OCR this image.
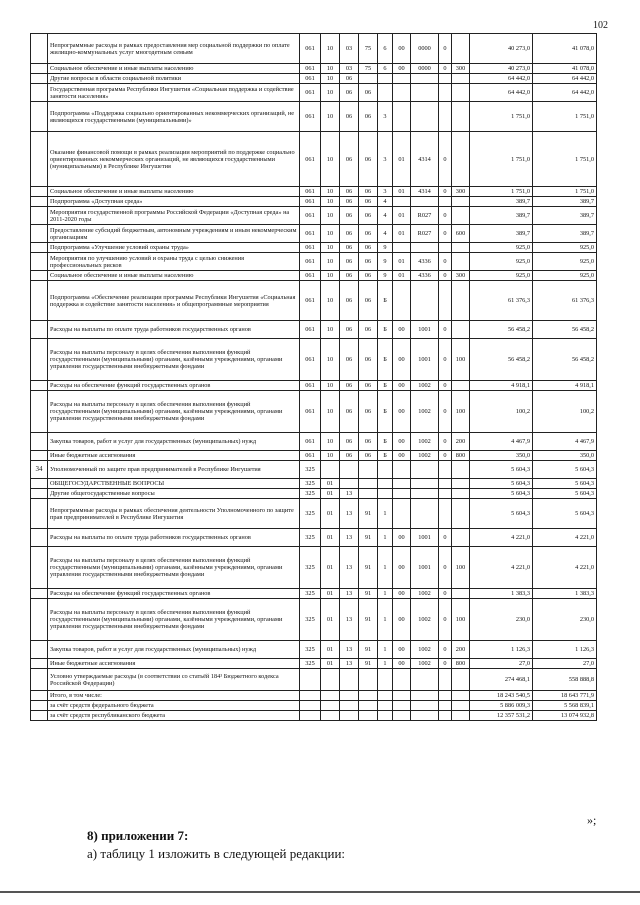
102
	Непрограммные расходы в рамках предоставления мер социальной поддержки по оплате жилищно-коммунальных услуг многодетным семьям	061	10	03	75	6	00	0000	0		40 273,0	41 078,0
	Социальное обеспечение и иные выплаты населению	061	10	03	75	6	00	0000	0	300	40 273,0	41 078,0
	Другие вопросы в области социальной политики	061	10	06							64 442,0	64 442,0
	Государственная программа Республики Ингушетия «Социальная поддержка и содействие занятости населения»	061	10	06	06						64 442,0	64 442,0
	Подпрограмма «Поддержка социально ориентированных некоммерческих организаций, не являющихся государственными (муниципальными)»	061	10	06	06	3					1 751,0	1 751,0
	Оказание финансовой помощи в рамках реализации мероприятий по поддержке социально ориентированных некоммерческих организаций, не являющихся государственными (муниципальными) в Республике Ингушетия	061	10	06	06	3	01	4314	0		1 751,0	1 751,0
	Социальное обеспечение и иные выплаты населению	061	10	06	06	3	01	4314	0	300	1 751,0	1 751,0
	Подпрограмма «Доступная среда»	061	10	06	06	4					389,7	389,7
	Мероприятия государственной программы Российской Федерации «Доступная среда» на 2011-2020 годы	061	10	06	06	4	01	R027	0		389,7	389,7
	Предоставление субсидий бюджетным, автономным учреждениям и иным некоммерческим организациям	061	10	06	06	4	01	R027	0	600	389,7	389,7
	Подпрограмма «Улучшение условий охраны труда»	061	10	06	06	9					925,0	925,0
	Мероприятия по улучшению условий и охраны труда с целью снижения профессиональных рисков	061	10	06	06	9	01	4336	0		925,0	925,0
	Социальное обеспечение и иные выплаты населению	061	10	06	06	9	01	4336	0	300	925,0	925,0
	Подпрограмма «Обеспечение реализации программы Республики Ингушетия «Социальная поддержка и содействие занятости населения» и общепрограммные мероприятия	061	10	06	06	Б					61 376,3	61 376,3
	Расходы на выплаты по оплате труда работников государственных органов	061	10	06	06	Б	00	1001	0		56 458,2	56 458,2
	Расходы на выплаты персоналу в целях обеспечения выполнения функций государственными (муниципальными) органами, казёнными учреждениями, органами управления государственными внебюджетными фондами	061	10	06	06	Б	00	1001	0	100	56 458,2	56 458,2
	Расходы на обеспечение функций государственных органов	061	10	06	06	Б	00	1002	0		4 918,1	4 918,1
	Расходы на выплаты персоналу в целях обеспечения выполнения функций государственными (муниципальными) органами, казёнными учреждениями, органами управления государственными внебюджетными фондами	061	10	06	06	Б	00	1002	0	100	100,2	100,2
	Закупка товаров, работ и услуг для государственных (муниципальных) нужд	061	10	06	06	Б	00	1002	0	200	4 467,9	4 467,9
	Иные бюджетные ассигнования	061	10	06	06	Б	00	1002	0	800	350,0	350,0
34	Уполномоченный по защите прав предпринимателей в Республике Ингушетия	325									5 604,3	5 604,3
	ОБЩЕГОСУДАРСТВЕННЫЕ ВОПРОСЫ	325	01								5 604,3	5 604,3
	Другие общегосударственные вопросы	325	01	13							5 604,3	5 604,3
	Непрограммные расходы в рамках обеспечения деятельности Уполномоченного по защите прав предпринимателей в Республике Ингушетия	325	01	13	91	1					5 604,3	5 604,3
	Расходы на выплаты по оплате труда работников государственных органов	325	01	13	91	1	00	1001	0		4 221,0	4 221,0
	Расходы на выплаты персоналу в целях обеспечения выполнения функций государственными (муниципальными) органами, казёнными учреждениями, органами управления государственными внебюджетными фондами	325	01	13	91	1	00	1001	0	100	4 221,0	4 221,0
	Расходы на обеспечение функций государственных органов	325	01	13	91	1	00	1002	0		1 383,3	1 383,3
	Расходы на выплаты персоналу в целях обеспечения выполнения функций государственными (муниципальными) органами, казёнными учреждениями, органами управления государственными внебюджетными фондами	325	01	13	91	1	00	1002	0	100	230,0	230,0
	Закупка товаров, работ и услуг для государственных (муниципальных) нужд	325	01	13	91	1	00	1002	0	200	1 126,3	1 126,3
	Иные бюджетные ассигнования	325	01	13	91	1	00	1002	0	800	27,0	27,0
	Условно утверждаемые расходы (в соответствии со статьёй 184¹ Бюджетного кодекса Российской Федерации)										274 468,1	558 888,8
	Итого, в том числе:										18 243 540,5	18 643 771,9
	за счёт средств федерального бюджета										5 886 009,3	5 568 839,1
	за счёт средств республиканского бюджета										12 357 531,2	13 074 932,8
»;
8) приложении 7:
а) таблицу 1 изложить в следующей редакции:
